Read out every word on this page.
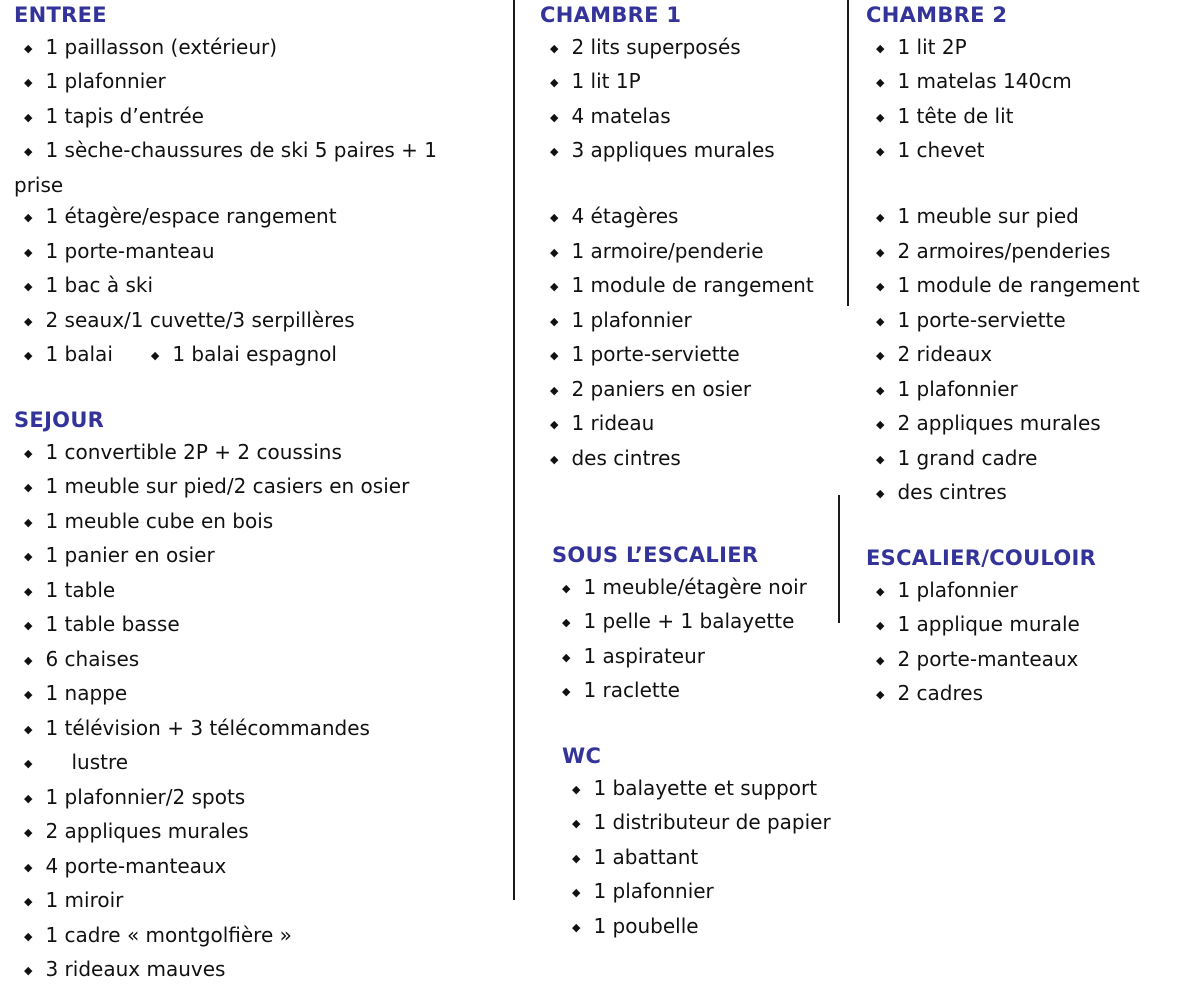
ENTREE
◆ 1 paillasson (extérieur)
◆ 1 plafonnier
◆ 1 tapis d’entrée
◆ 1 sèche-chaussures de ski 5 paires + 1
prise
◆ 1 étagère/espace rangement
◆ 1 porte-manteau
◆ 1 bac à ski
◆ 2 seaux/1 cuvette/3 serpillères
◆ 1 balai	◆ 1 balai espagnol
SEJOUR
◆ 1 convertible 2P + 2 coussins
◆ 1 meuble sur pied/2 casiers en osier
◆ 1 meuble cube en bois
◆ 1 panier en osier
◆ 1 table
◆ 1 table basse
◆ 6 chaises
◆ 1 nappe
◆ 1 télévision + 3 télécommandes
◆ lustre
◆ 1 plafonnier/2 spots
◆ 2 appliques murales
◆ 4 porte-manteaux
◆ 1 miroir
◆ 1 cadre « montgolfière »
◆ 3 rideaux mauves
CHAMBRE 1
◆ 2 lits superposés
◆ 1 lit 1P
◆ 4 matelas
◆ 3 appliques murales
◆ 4 étagères
◆ 1 armoire/penderie
◆ 1 module de rangement
◆ 1 plafonnier
◆ 1 porte-serviette
◆ 2 paniers en osier
◆ 1 rideau
◆ des cintres
SOUS L’ESCALIER
◆ 1 meuble/étagère noir
◆ 1 pelle + 1 balayette
◆ 1 aspirateur
◆ 1 raclette
WC
◆ 1 balayette et support
◆ 1 distributeur de papier
◆ 1 abattant
◆ 1 plafonnier
◆ 1 poubelle
CHAMBRE 2
◆ 1 lit 2P
◆ 1 matelas 140cm
◆ 1 tête de lit
◆ 1 chevet
◆ 1 meuble sur pied
◆ 2 armoires/penderies
◆ 1 module de rangement
◆ 1 porte-serviette
◆ 2 rideaux
◆ 1 plafonnier
◆ 2 appliques murales
◆ 1 grand cadre
◆ des cintres
ESCALIER/COULOIR
◆ 1 plafonnier
◆ 1 applique murale
◆ 2 porte-manteaux
◆ 2 cadres
